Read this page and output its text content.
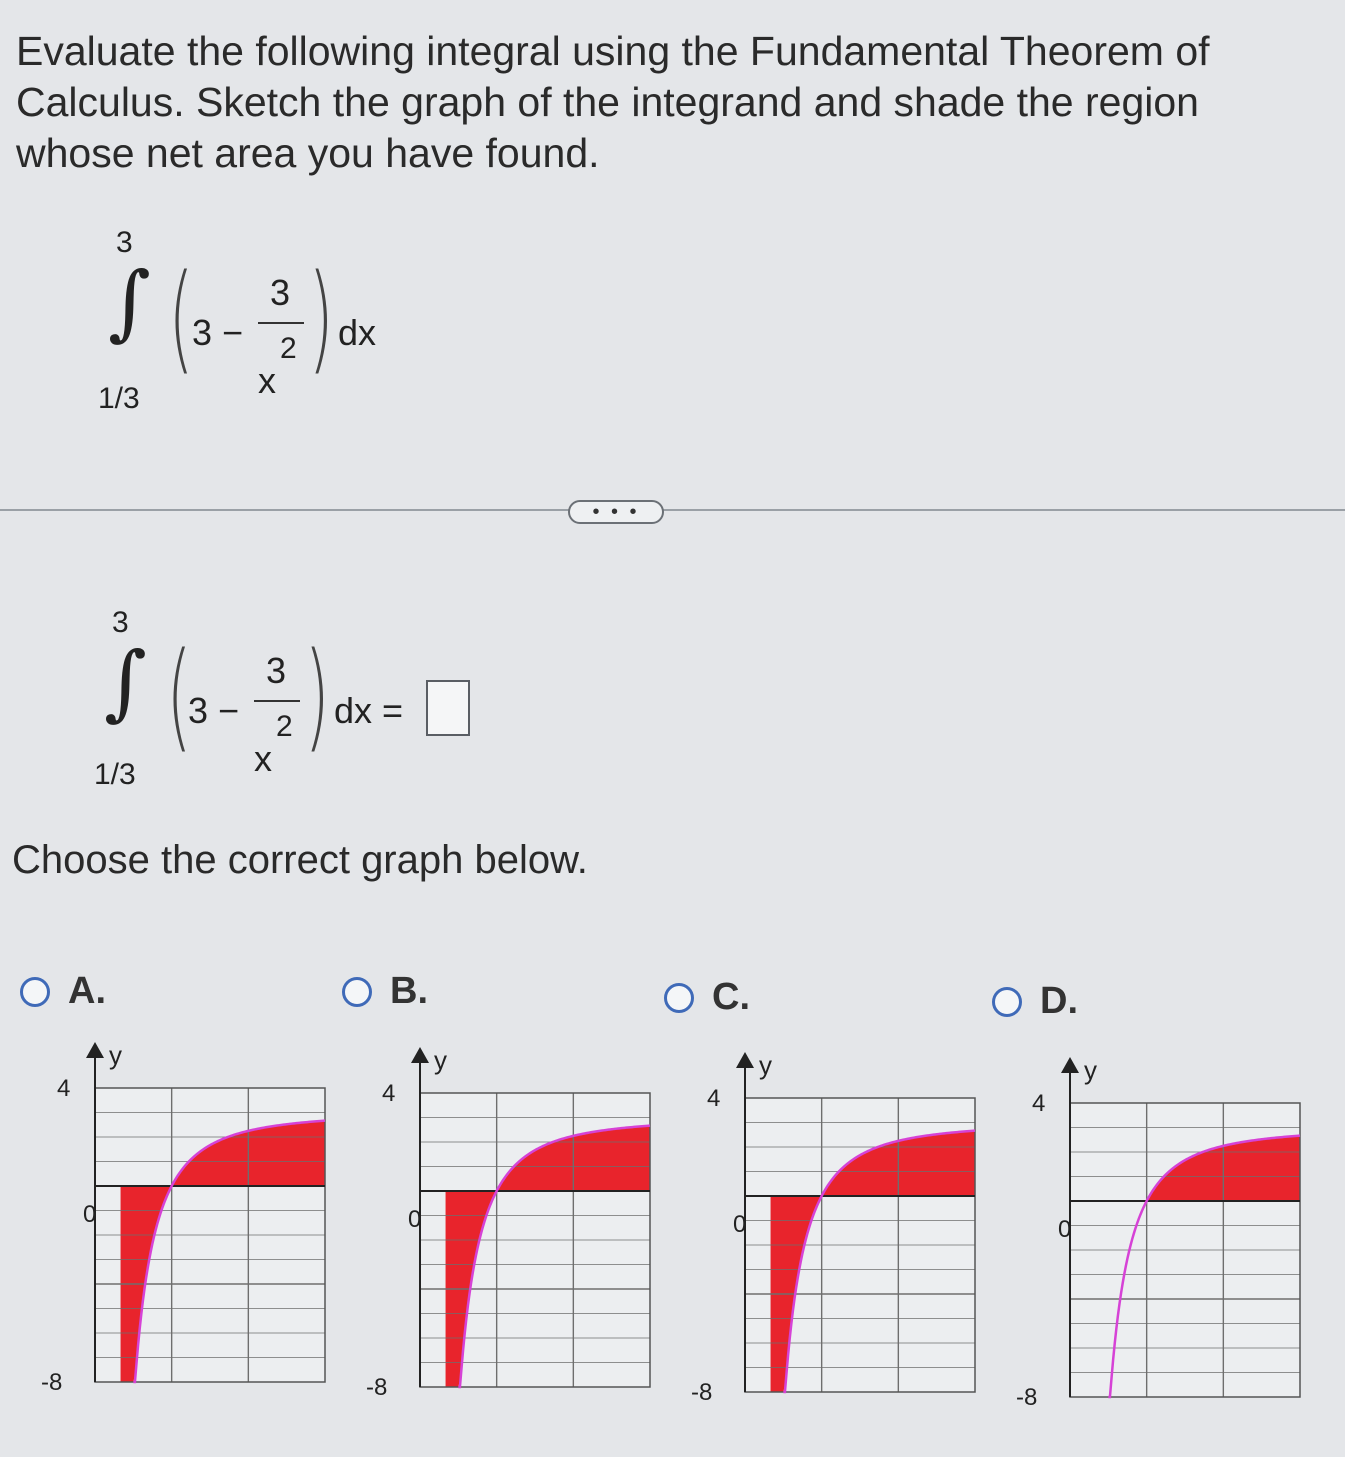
Evaluate the following integral using the Fundamental Theorem of Calculus. Sketch the graph of the integrand and shade the region whose net area you have found.
3
∫
1/3
(
3 −
3
x
2 ) dx
• • •
3
∫
1/3
(
3 −
3
x
2 ) dx =
Choose the correct graph below.
A.	B.	C.	D.
y
4
0
-8
y
4
0
-8
y
4
0
-8
y
4
0
-8
